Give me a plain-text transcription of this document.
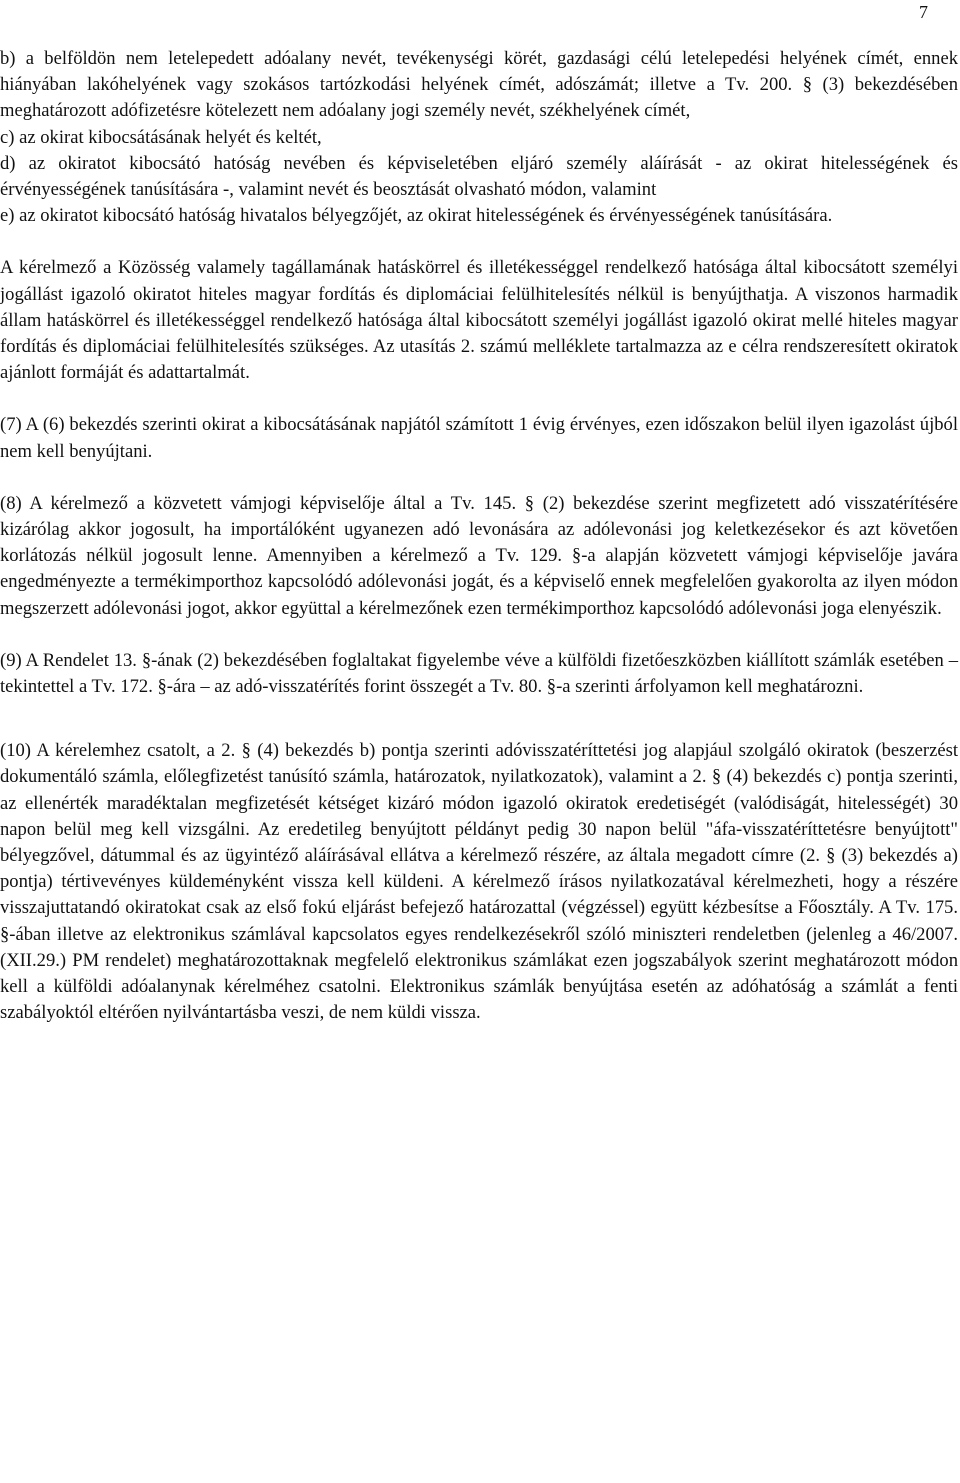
7

b) a belföldön nem letelepedett adóalany nevét, tevékenységi körét, gazdasági célú letelepedési helyének címét, ennek hiányában lakóhelyének vagy szokásos tartózkodási helyének címét, adószámát; illetve a Tv. 200. § (3) bekezdésében meghatározott adófizetésre kötelezett nem adóalany jogi személy nevét, székhelyének címét,

c) az okirat kibocsátásának helyét és keltét,

d) az okiratot kibocsátó hatóság nevében és képviseletében eljáró személy aláírását - az okirat hitelességének és érvényességének tanúsítására -, valamint nevét és beosztását olvasható módon, valamint

e) az okiratot kibocsátó hatóság hivatalos bélyegzőjét, az okirat hitelességének és érvényességének tanúsítására.

A kérelmező a Közösség valamely tagállamának hatáskörrel és illetékességgel rendelkező hatósága által kibocsátott személyi jogállást igazoló okiratot hiteles magyar fordítás és diplomáciai felülhitelesítés nélkül is benyújthatja. A viszonos harmadik állam hatáskörrel és illetékességgel rendelkező hatósága által kibocsátott személyi jogállást igazoló okirat mellé hiteles magyar fordítás és diplomáciai felülhitelesítés szükséges. Az utasítás 2. számú melléklete tartalmazza az e célra rendszeresített okiratok ajánlott formáját és adattartalmát.

(7) A (6) bekezdés szerinti okirat a kibocsátásának napjától számított 1 évig érvényes, ezen időszakon belül ilyen igazolást újból nem kell benyújtani.

(8) A kérelmező a közvetett vámjogi képviselője által a Tv. 145. § (2) bekezdése szerint megfizetett adó visszatérítésére kizárólag akkor jogosult, ha importálóként ugyanezen adó levonására az adólevonási jog keletkezésekor és azt követően korlátozás nélkül jogosult lenne. Amennyiben a kérelmező a Tv. 129. §-a alapján közvetett vámjogi képviselője javára engedményezte a termékimporthoz kapcsolódó adólevonási jogát, és a képviselő ennek megfelelően gyakorolta az ilyen módon megszerzett adólevonási jogot, akkor együttal a kérelmezőnek ezen termékimporthoz kapcsolódó adólevonási joga elenyészik.

(9) A Rendelet 13. §-ának (2) bekezdésében foglaltakat figyelembe véve a külföldi fizetőeszközben kiállított számlák esetében – tekintettel a Tv. 172. §-ára – az adó-visszatérítés forint összegét a Tv. 80. §-a szerinti árfolyamon kell meghatározni.

(10) A kérelemhez csatolt, a 2. § (4) bekezdés b) pontja szerinti adóvisszatéríttetési jog alapjául szolgáló okiratok (beszerzést dokumentáló számla, előlegfizetést tanúsító számla, határozatok, nyilatkozatok), valamint a 2. § (4) bekezdés c) pontja szerinti, az ellenérték maradéktalan megfizetését kétséget kizáró módon igazoló okiratok eredetiségét (valódiságát, hitelességét) 30 napon belül meg kell vizsgálni. Az eredetileg benyújtott példányt pedig 30 napon belül "áfa-visszatéríttetésre benyújtott" bélyegzővel, dátummal és az ügyintéző aláírásával ellátva a kérelmező részére, az általa megadott címre (2. § (3) bekezdés a) pontja) tértivevényes küldeményként vissza kell küldeni. A kérelmező írásos nyilatkozatával kérelmezheti, hogy a részére visszajuttatandó okiratokat csak az első fokú eljárást befejező határozattal (végzéssel) együtt kézbesítse a Főosztály. A Tv. 175. §-ában illetve az elektronikus számlával kapcsolatos egyes rendelkezésekről szóló miniszteri rendeletben (jelenleg a 46/2007. (XII.29.) PM rendelet) meghatározottaknak megfelelő elektronikus számlákat ezen jogszabályok szerint meghatározott módon kell a külföldi adóalanynak kérelméhez csatolni. Elektronikus számlák benyújtása esetén az adóhatóság a számlát a fenti szabályoktól eltérően nyilvántartásba veszi, de nem küldi vissza.
